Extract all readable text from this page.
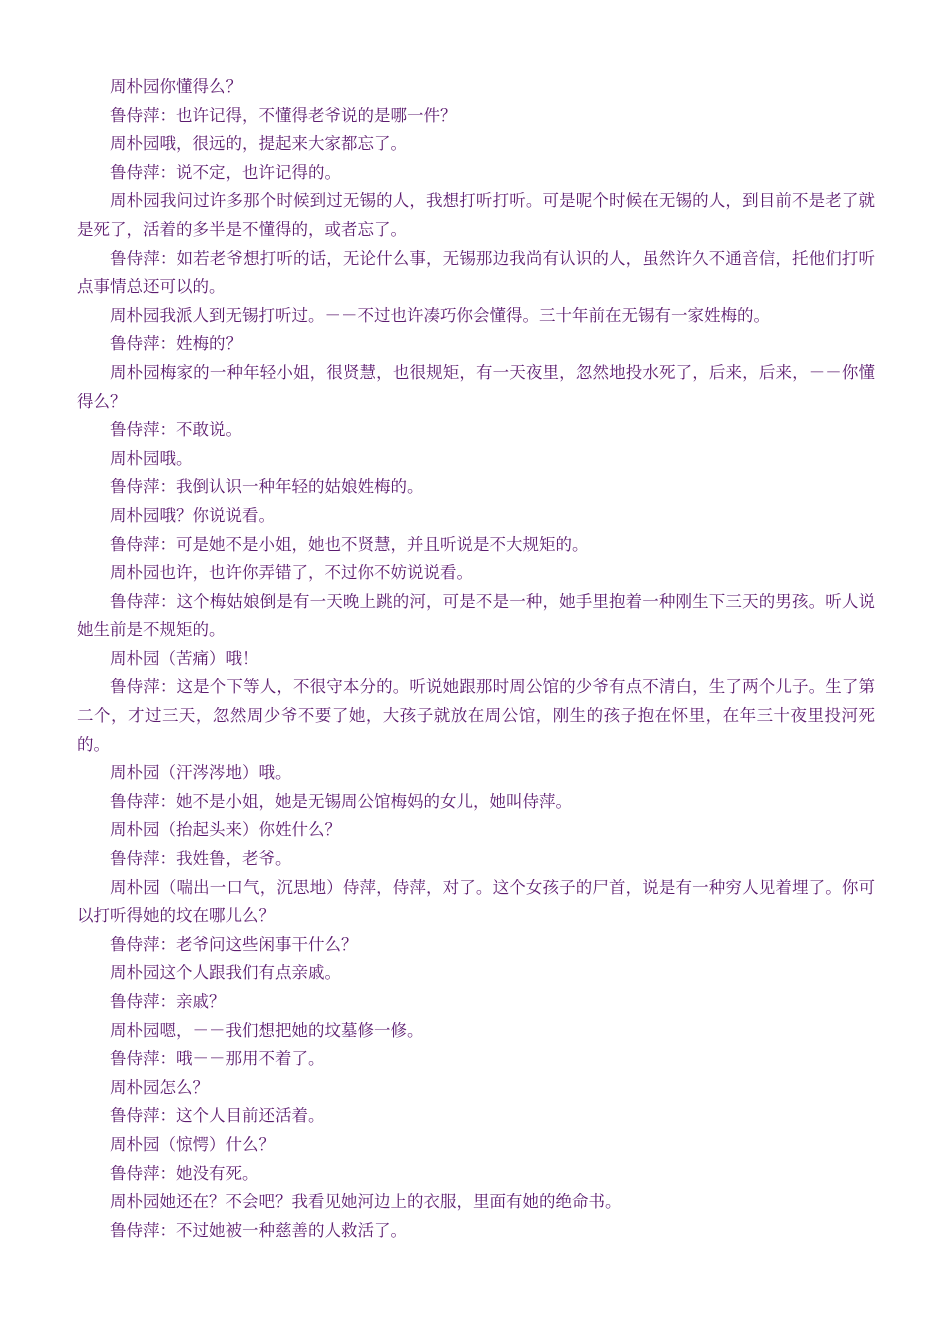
周朴园你懂得么？

鲁侍萍：也许记得，不懂得老爷说的是哪一件？

周朴园哦，很远的，提起来大家都忘了。

鲁侍萍：说不定，也许记得的。

周朴园我问过许多那个时候到过无锡的人，我想打听打听。可是呢个时候在无锡的人，到目前不是老了就是死了，活着的多半是不懂得的，或者忘了。

鲁侍萍：如若老爷想打听的话，无论什么事，无锡那边我尚有认识的人，虽然许久不通音信，托他们打听点事情总还可以的。

周朴园我派人到无锡打听过。－－不过也许凑巧你会懂得。三十年前在无锡有一家姓梅的。

鲁侍萍：姓梅的？

周朴园梅家的一种年轻小姐，很贤慧，也很规矩，有一天夜里，忽然地投水死了，后来，后来，－－你懂得么？

鲁侍萍：不敢说。

周朴园哦。

鲁侍萍：我倒认识一种年轻的姑娘姓梅的。

周朴园哦？你说说看。

鲁侍萍：可是她不是小姐，她也不贤慧，并且听说是不大规矩的。

周朴园也许，也许你弄错了，不过你不妨说说看。

鲁侍萍：这个梅姑娘倒是有一天晚上跳的河，可是不是一种，她手里抱着一种刚生下三天的男孩。听人说她生前是不规矩的。

周朴园（苦痛）哦！

鲁侍萍：这是个下等人，不很守本分的。听说她跟那时周公馆的少爷有点不清白，生了两个儿子。生了第二个，才过三天，忽然周少爷不要了她，大孩子就放在周公馆，刚生的孩子抱在怀里，在年三十夜里投河死的。

周朴园（汗涔涔地）哦。

鲁侍萍：她不是小姐，她是无锡周公馆梅妈的女儿，她叫侍萍。

周朴园（抬起头来）你姓什么？

鲁侍萍：我姓鲁，老爷。

周朴园（喘出一口气，沉思地）侍萍，侍萍，对了。这个女孩子的尸首，说是有一种穷人见着埋了。你可以打听得她的坟在哪儿么？

鲁侍萍：老爷问这些闲事干什么？

周朴园这个人跟我们有点亲戚。

鲁侍萍：亲戚？

周朴园嗯，－－我们想把她的坟墓修一修。

鲁侍萍：哦－－那用不着了。

周朴园怎么？

鲁侍萍：这个人目前还活着。

周朴园（惊愕）什么？

鲁侍萍：她没有死。

周朴园她还在？不会吧？我看见她河边上的衣服，里面有她的绝命书。

鲁侍萍：不过她被一种慈善的人救活了。
